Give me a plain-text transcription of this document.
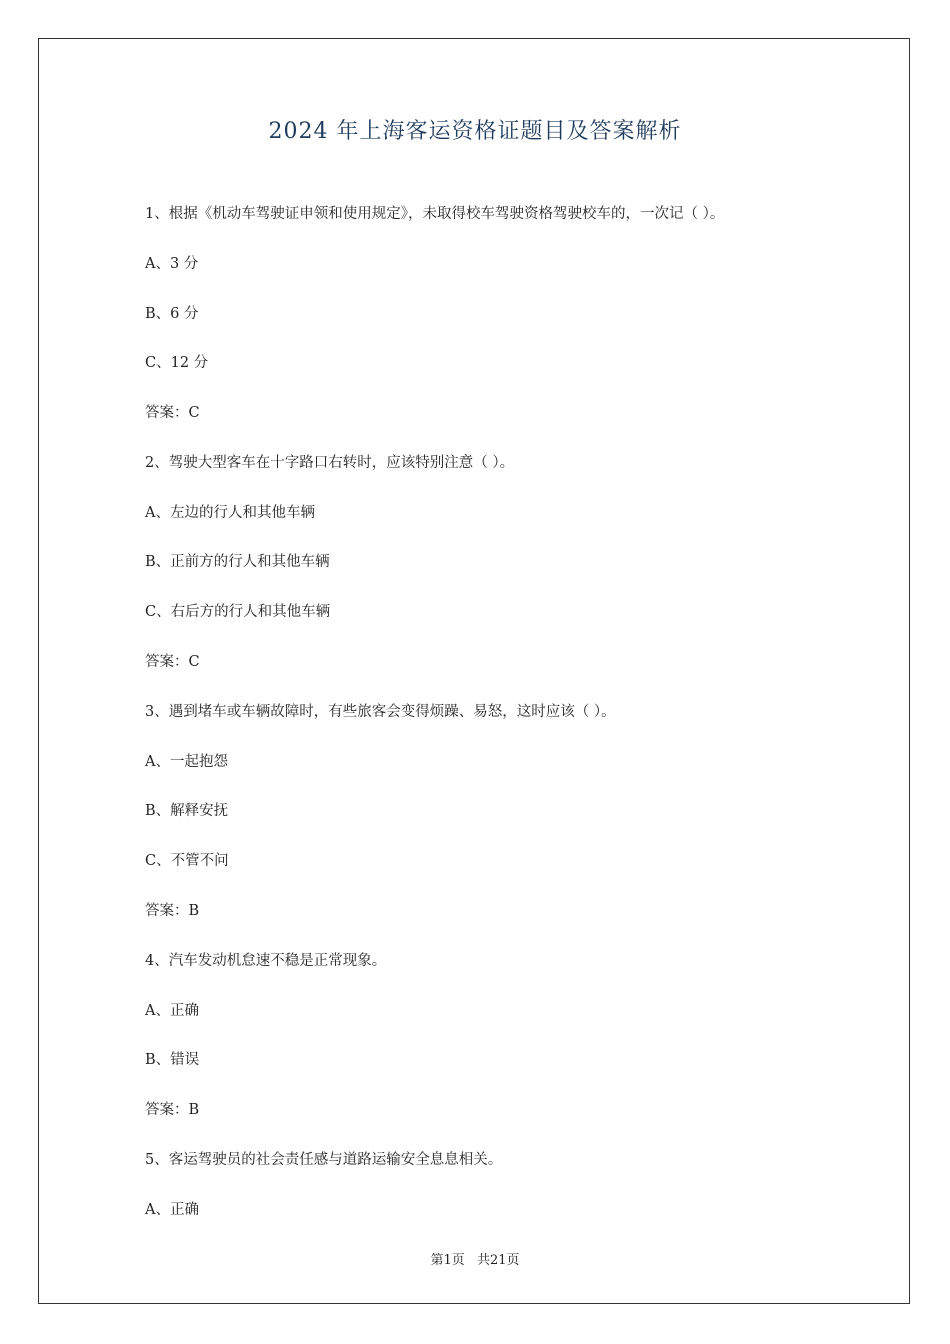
2024 年上海客运资格证题目及答案解析
1、根据《机动车驾驶证申领和使用规定》，未取得校车驾驶资格驾驶校车的，一次记（ ）。
A、3 分
B、6 分
C、12 分
答案：C
2、驾驶大型客车在十字路口右转时，应该特别注意（ ）。
A、左边的行人和其他车辆
B、正前方的行人和其他车辆
C、右后方的行人和其他车辆
答案：C
3、遇到堵车或车辆故障时，有些旅客会变得烦躁、易怒，这时应该（ ）。
A、一起抱怨
B、解释安抚
C、不管不问
答案：B
4、汽车发动机怠速不稳是正常现象。
A、正确
B、错误
答案：B
5、客运驾驶员的社会责任感与道路运输安全息息相关。
A、正确
第1页 共21页
